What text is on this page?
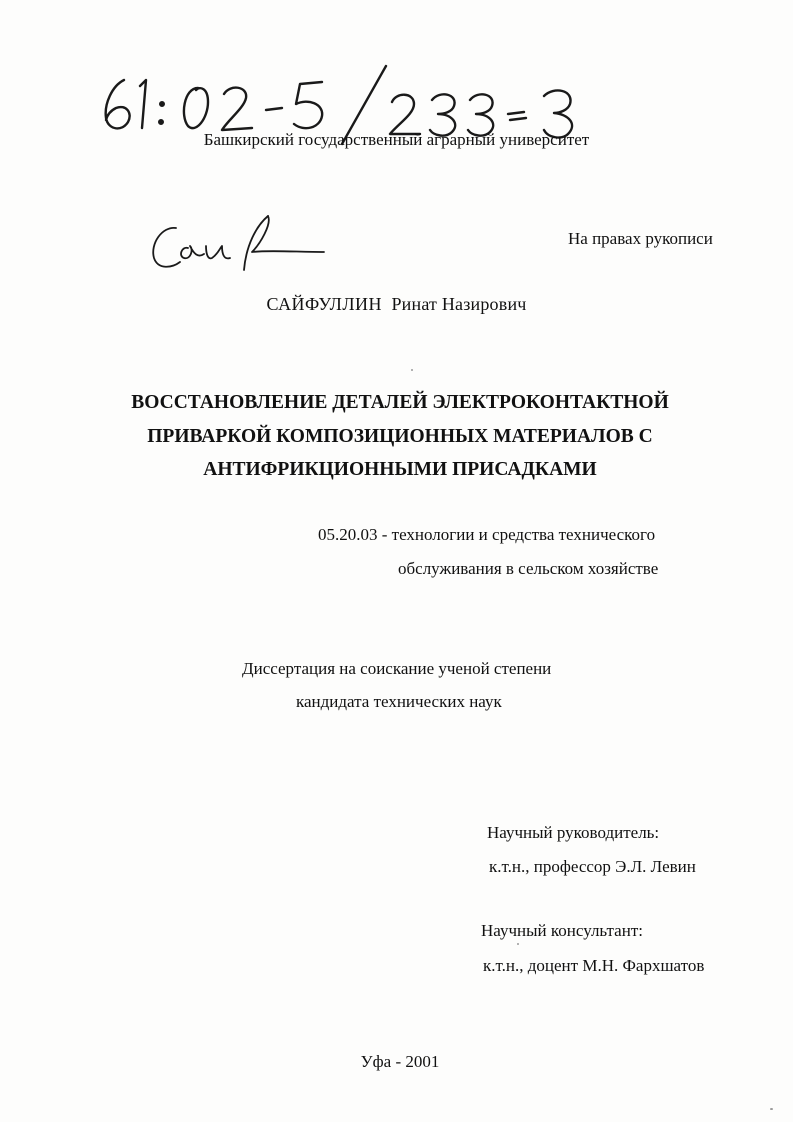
Башкирский государственный аграрный университет
На правах рукописи
САЙФУЛЛИН Ринат Назирович
ВОССТАНОВЛЕНИЕ ДЕТАЛЕЙ ЭЛЕКТРОКОНТАКТНОЙ
ПРИВАРКОЙ КОМПОЗИЦИОННЫХ МАТЕРИАЛОВ С
АНТИФРИКЦИОННЫМИ ПРИСАДКАМИ
05.20.03 - технологии и средства технического
обслуживания в сельском хозяйстве
Диссертация на соискание ученой степени
кандидата технических наук
Научный руководитель:
к.т.н., профессор Э.Л. Левин
Научный консультант:
к.т.н., доцент М.Н. Фархшатов
Уфа - 2001
